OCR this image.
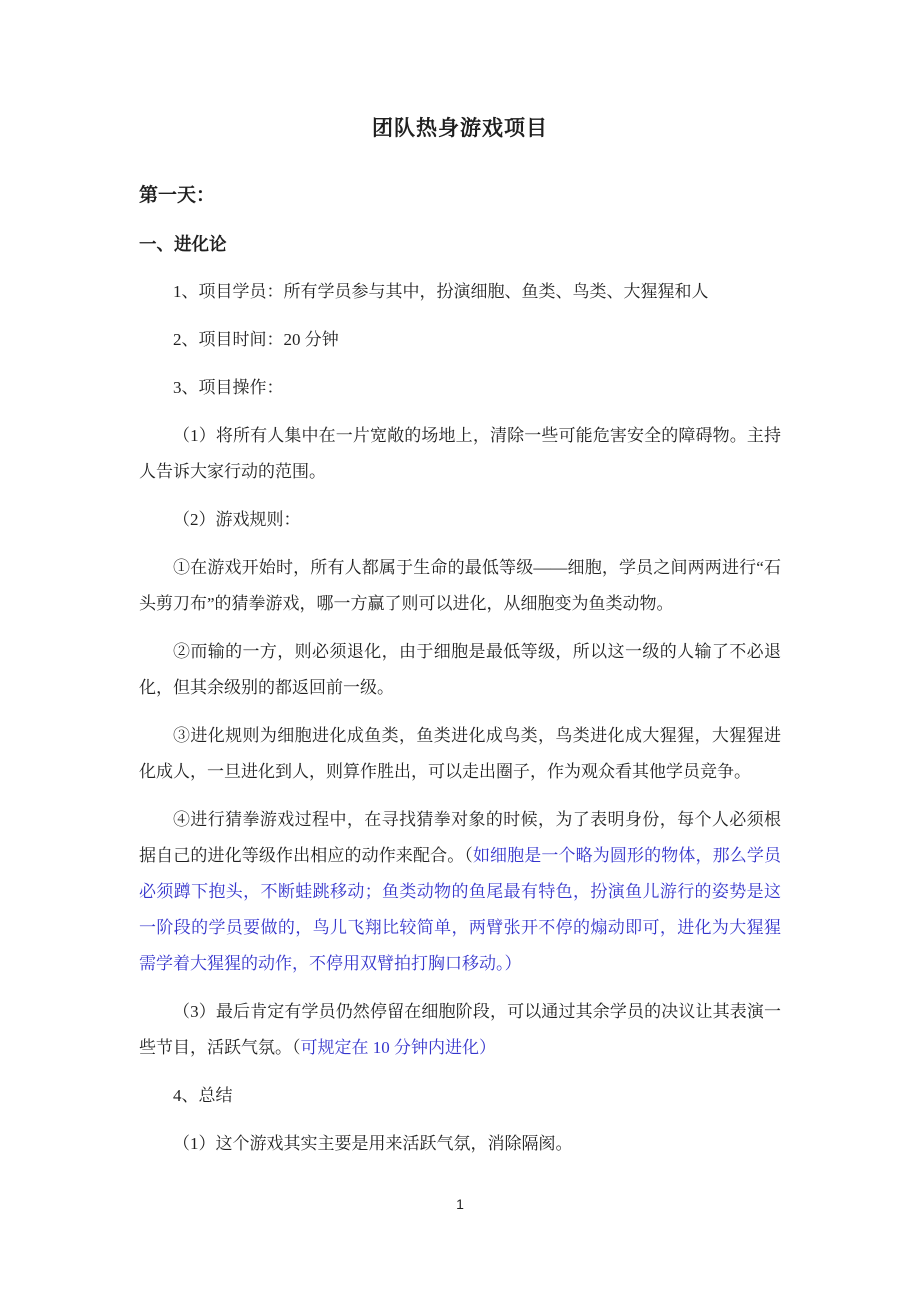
团队热身游戏项目
第一天：
一、进化论

1、项目学员：所有学员参与其中，扮演细胞、鱼类、鸟类、大猩猩和人

2、项目时间：20 分钟

3、项目操作：

（1）将所有人集中在一片宽敞的场地上，清除一些可能危害安全的障碍物。主持人告诉大家行动的范围。

（2）游戏规则：

①在游戏开始时，所有人都属于生命的最低等级——细胞，学员之间两两进行“石头剪刀布”的猜拳游戏，哪一方赢了则可以进化，从细胞变为鱼类动物。

②而输的一方，则必须退化，由于细胞是最低等级，所以这一级的人输了不必退化，但其余级别的都返回前一级。

③进化规则为细胞进化成鱼类，鱼类进化成鸟类，鸟类进化成大猩猩，大猩猩进化成人，一旦进化到人，则算作胜出，可以走出圈子，作为观众看其他学员竞争。

④进行猜拳游戏过程中，在寻找猜拳对象的时候，为了表明身份，每个人必须根据自己的进化等级作出相应的动作来配合。（如细胞是一个略为圆形的物体，那么学员必须蹲下抱头，不断蛙跳移动；鱼类动物的鱼尾最有特色，扮演鱼儿游行的姿势是这一阶段的学员要做的，鸟儿飞翔比较简单，两臂张开不停的煽动即可，进化为大猩猩需学着大猩猩的动作，不停用双臂拍打胸口移动。）

（3）最后肯定有学员仍然停留在细胞阶段，可以通过其余学员的决议让其表演一些节目，活跃气氛。（可规定在 10 分钟内进化）

4、总结

（1）这个游戏其实主要是用来活跃气氛，消除隔阂。

1
